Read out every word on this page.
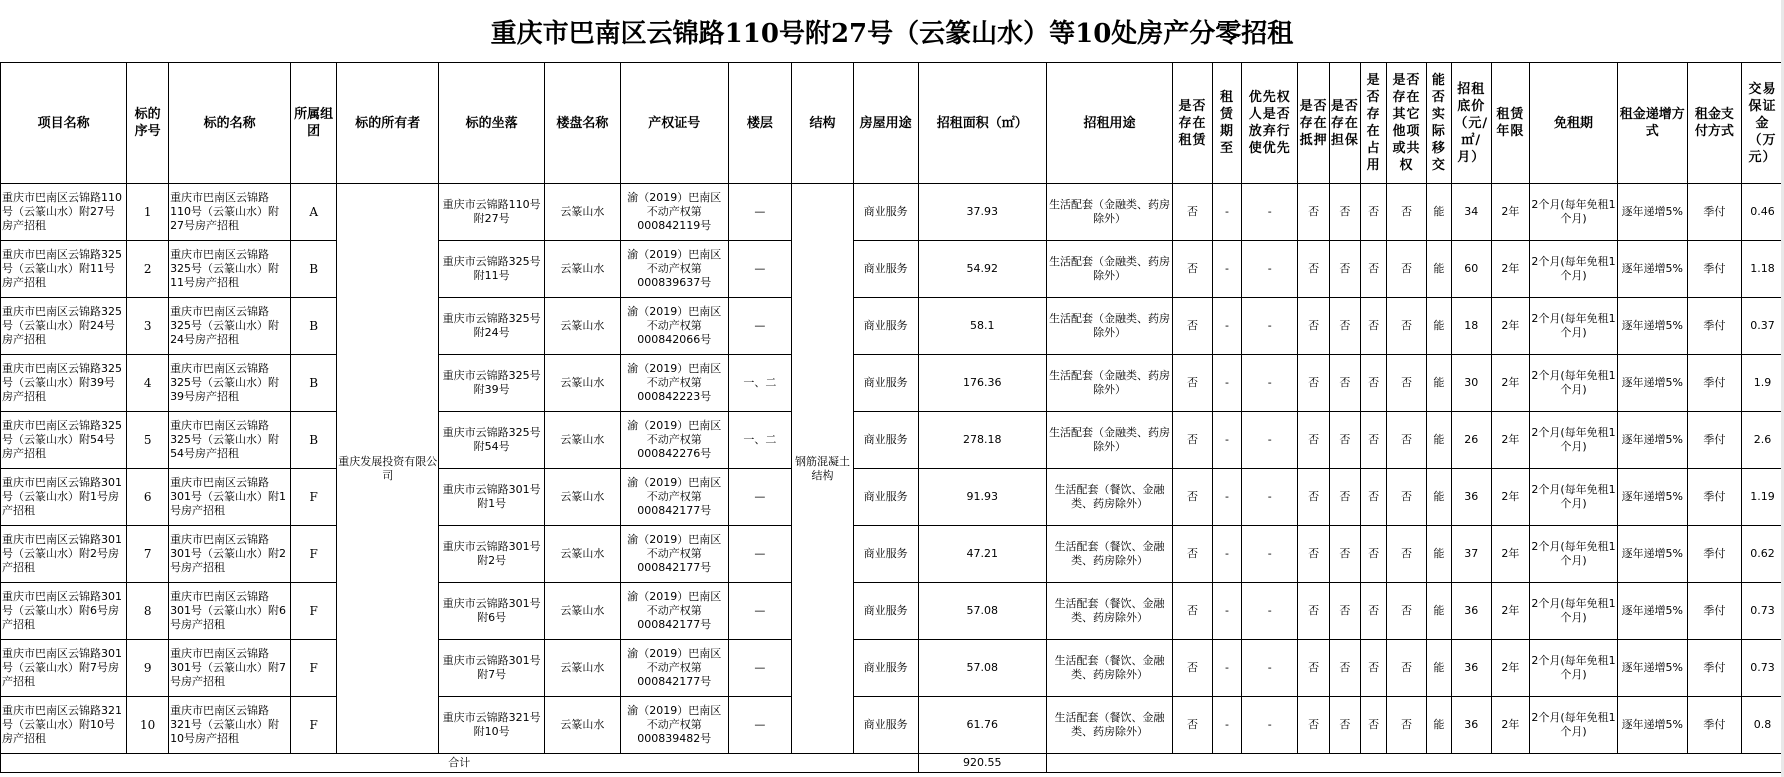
重庆市巴南区云锦路110号附27号（云篆山水）等10处房产分零招租
项目名称	标的序号	标的名称	所属组团	标的所有者	标的坐落	楼盘名称	产权证号	楼层	结构	房屋用途	招租面积（㎡）	招租用途	是否存在租赁	租赁期至	优先权人是否放弃行使优先	是否存在抵押	是否存在担保	是否存在占用	是否存在其它他项或共权	能否实际移交	招租底价（元/㎡/月）	租赁年限	免租期	租金递增方式	租金支付方式	交易保证金（万元）
重庆市巴南区云锦路110号（云篆山水）附27号房产招租	1	重庆市巴南区云锦路110号（云篆山水）附27号房产招租	A	重庆发展投资有限公司	重庆市云锦路110号附27号	云篆山水	渝（2019）巴南区不动产权第000842119号	—	钢筋混凝土结构	商业服务	37.93	生活配套（金融类、药房除外）	否	-	-	否	否	否	否	能	34	2年	2个月(每年免租1个月)	逐年递增5%	季付	0.46
重庆市巴南区云锦路325号（云篆山水）附11号房产招租	2	重庆市巴南区云锦路325号（云篆山水）附11号房产招租	B		重庆市云锦路325号附11号	云篆山水	渝（2019）巴南区不动产权第000839637号	—		商业服务	54.92	生活配套（金融类、药房除外）	否	-	-	否	否	否	否	能	60	2年	2个月(每年免租1个月)	逐年递增5%	季付	1.18
重庆市巴南区云锦路325号（云篆山水）附24号房产招租	3	重庆市巴南区云锦路325号（云篆山水）附24号房产招租	B		重庆市云锦路325号附24号	云篆山水	渝（2019）巴南区不动产权第000842066号	—		商业服务	58.1	生活配套（金融类、药房除外）	否	-	-	否	否	否	否	能	18	2年	2个月(每年免租1个月)	逐年递增5%	季付	0.37
重庆市巴南区云锦路325号（云篆山水）附39号房产招租	4	重庆市巴南区云锦路325号（云篆山水）附39号房产招租	B		重庆市云锦路325号附39号	云篆山水	渝（2019）巴南区不动产权第000842223号	一、二		商业服务	176.36	生活配套（金融类、药房除外）	否	-	-	否	否	否	否	能	30	2年	2个月(每年免租1个月)	逐年递增5%	季付	1.9
重庆市巴南区云锦路325号（云篆山水）附54号房产招租	5	重庆市巴南区云锦路325号（云篆山水）附54号房产招租	B		重庆市云锦路325号附54号	云篆山水	渝（2019）巴南区不动产权第000842276号	一、二		商业服务	278.18	生活配套（金融类、药房除外）	否	-	-	否	否	否	否	能	26	2年	2个月(每年免租1个月)	逐年递增5%	季付	2.6
重庆市巴南区云锦路301号（云篆山水）附1号房产招租	6	重庆市巴南区云锦路301号（云篆山水）附1号房产招租	F		重庆市云锦路301号附1号	云篆山水	渝（2019）巴南区不动产权第000842177号	—		商业服务	91.93	生活配套（餐饮、金融类、药房除外）	否	-	-	否	否	否	否	能	36	2年	2个月(每年免租1个月)	逐年递增5%	季付	1.19
重庆市巴南区云锦路301号（云篆山水）附2号房产招租	7	重庆市巴南区云锦路301号（云篆山水）附2号房产招租	F		重庆市云锦路301号附2号	云篆山水	渝（2019）巴南区不动产权第000842177号	—		商业服务	47.21	生活配套（餐饮、金融类、药房除外）	否	-	-	否	否	否	否	能	37	2年	2个月(每年免租1个月)	逐年递增5%	季付	0.62
重庆市巴南区云锦路301号（云篆山水）附6号房产招租	8	重庆市巴南区云锦路301号（云篆山水）附6号房产招租	F		重庆市云锦路301号附6号	云篆山水	渝（2019）巴南区不动产权第000842177号	—		商业服务	57.08	生活配套（餐饮、金融类、药房除外）	否	-	-	否	否	否	否	能	36	2年	2个月(每年免租1个月)	逐年递增5%	季付	0.73
重庆市巴南区云锦路301号（云篆山水）附7号房产招租	9	重庆市巴南区云锦路301号（云篆山水）附7号房产招租	F		重庆市云锦路301号附7号	云篆山水	渝（2019）巴南区不动产权第000842177号	—		商业服务	57.08	生活配套（餐饮、金融类、药房除外）	否	-	-	否	否	否	否	能	36	2年	2个月(每年免租1个月)	逐年递增5%	季付	0.73
重庆市巴南区云锦路321号（云篆山水）附10号房产招租	10	重庆市巴南区云锦路321号（云篆山水）附10号房产招租	F		重庆市云锦路321号附10号	云篆山水	渝（2019）巴南区不动产权第000839482号	—		商业服务	61.76	生活配套（餐饮、金融类、药房除外）	否	-	-	否	否	否	否	能	36	2年	2个月(每年免租1个月)	逐年递增5%	季付	0.8
合计											920.55															
